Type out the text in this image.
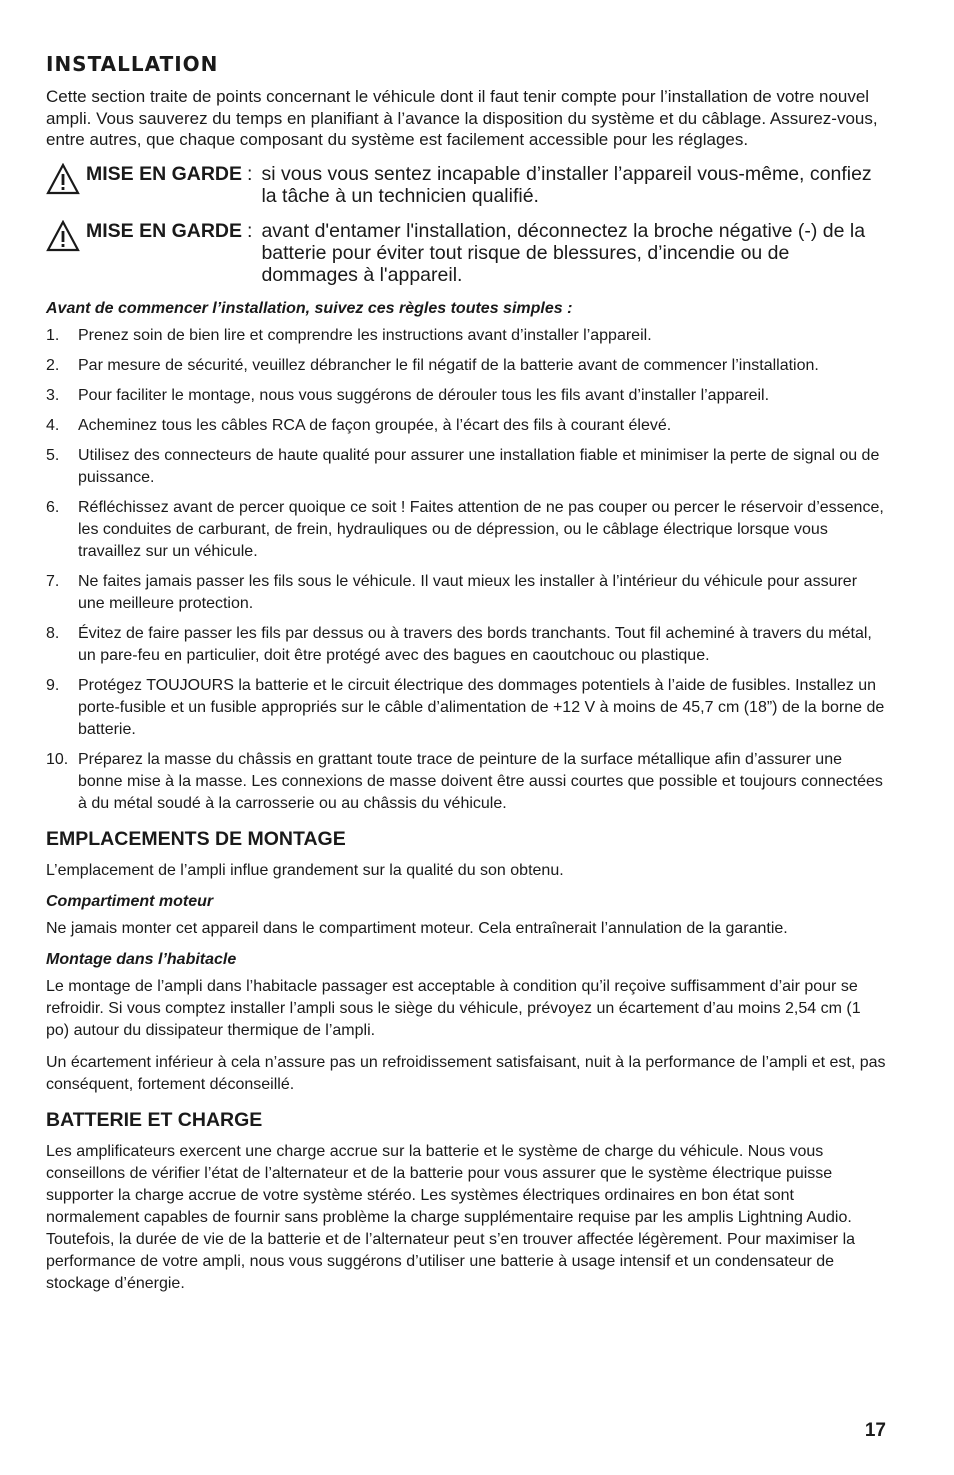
installation

Cette section traite de points concernant le véhicule dont il faut tenir compte pour l’installation de votre nouvel ampli. Vous sauverez du temps en planifiant à l’avance la disposition du système et du câblage. Assurez-vous, entre autres, que chaque composant du système est facilement accessible pour les réglages.

MISE EN GARDE : si vous vous sentez incapable d’installer l’appareil vous-même, confiez la tâche à un technicien qualifié.
MISE EN GARDE : avant d'entamer l'installation, déconnectez la broche négative (-) de la batterie pour éviter tout risque de blessures, d’incendie ou de dommages à l'appareil.

Avant de commencer l’installation, suivez ces règles toutes simples :

1.	Prenez soin de bien lire et comprendre les instructions avant d’installer l’appareil.
2.	Par mesure de sécurité, veuillez débrancher le fil négatif de la batterie avant de commencer l’installation.
3.	Pour faciliter le montage, nous vous suggérons de dérouler tous les fils avant d’installer l’appareil.
4.	Acheminez tous les câbles RCA de façon groupée, à l’écart des fils à courant élevé.
5.	Utilisez des connecteurs de haute qualité pour assurer une installation fiable et minimiser la perte de signal ou de puissance.
6.	Réfléchissez avant de percer quoique ce soit ! Faites attention de ne pas couper ou percer le réservoir d’essence, les conduites de carburant, de frein, hydrauliques ou de dépression, ou le câblage électrique lorsque vous travaillez sur un véhicule.
7.	Ne faites jamais passer les fils sous le véhicule. Il vaut mieux les installer à l’intérieur du véhicule pour assurer une meilleure protection.
8.	Évitez de faire passer les fils par dessus ou à travers des bords tranchants. Tout fil acheminé à travers du métal, un pare-feu en particulier, doit être protégé avec des bagues en caoutchouc ou plastique.
9.	Protégez TOUJOURS la batterie et le circuit électrique des dommages potentiels à l’aide de fusibles. Installez un porte-fusible et un fusible appropriés sur le câble d’alimentation de +12 V à moins de 45,7 cm (18”) de la borne de batterie.
10. Préparez la masse du châssis en grattant toute trace de peinture de la surface métallique afin d’assurer une bonne mise à la masse. Les connexions de masse doivent être aussi courtes que possible et toujours connectées à du métal soudé à la carrosserie ou au châssis du véhicule.
EMPLACEMENTS DE MONTAGE

L’emplacement de l’ampli influe grandement sur la qualité du son obtenu.

Compartiment moteur

Ne jamais monter cet appareil dans le compartiment moteur. Cela entraînerait l’annulation de la garantie.

Montage dans l’habitacle

Le montage de l’ampli dans l’habitacle passager est acceptable à condition qu’il reçoive suffisamment d’air pour se refroidir. Si vous comptez installer l’ampli sous le siège du véhicule, prévoyez un écartement d’au moins 2,54 cm (1 po) autour du dissipateur thermique de l’ampli.

Un écartement inférieur à cela n’assure pas un refroidissement satisfaisant, nuit à la performance de l’ampli et est, pas conséquent, fortement déconseillé.

BATTERIE ET CHARGE

Les amplificateurs exercent une charge accrue sur la batterie et le système de charge du véhicule. Nous vous conseillons de vérifier l’état de l’alternateur et de la batterie pour vous assurer que le système électrique puisse supporter la charge accrue de votre système stéréo. Les systèmes électriques ordinaires en bon état sont normalement capables de fournir sans problème la charge supplémentaire requise par les amplis Lightning Audio. Toutefois, la durée de vie de la batterie et de l’alternateur peut s’en trouver affectée légèrement. Pour maximiser la performance de votre ampli, nous vous suggérons d’utiliser une batterie à usage intensif et un condensateur de stockage d’énergie.

17
